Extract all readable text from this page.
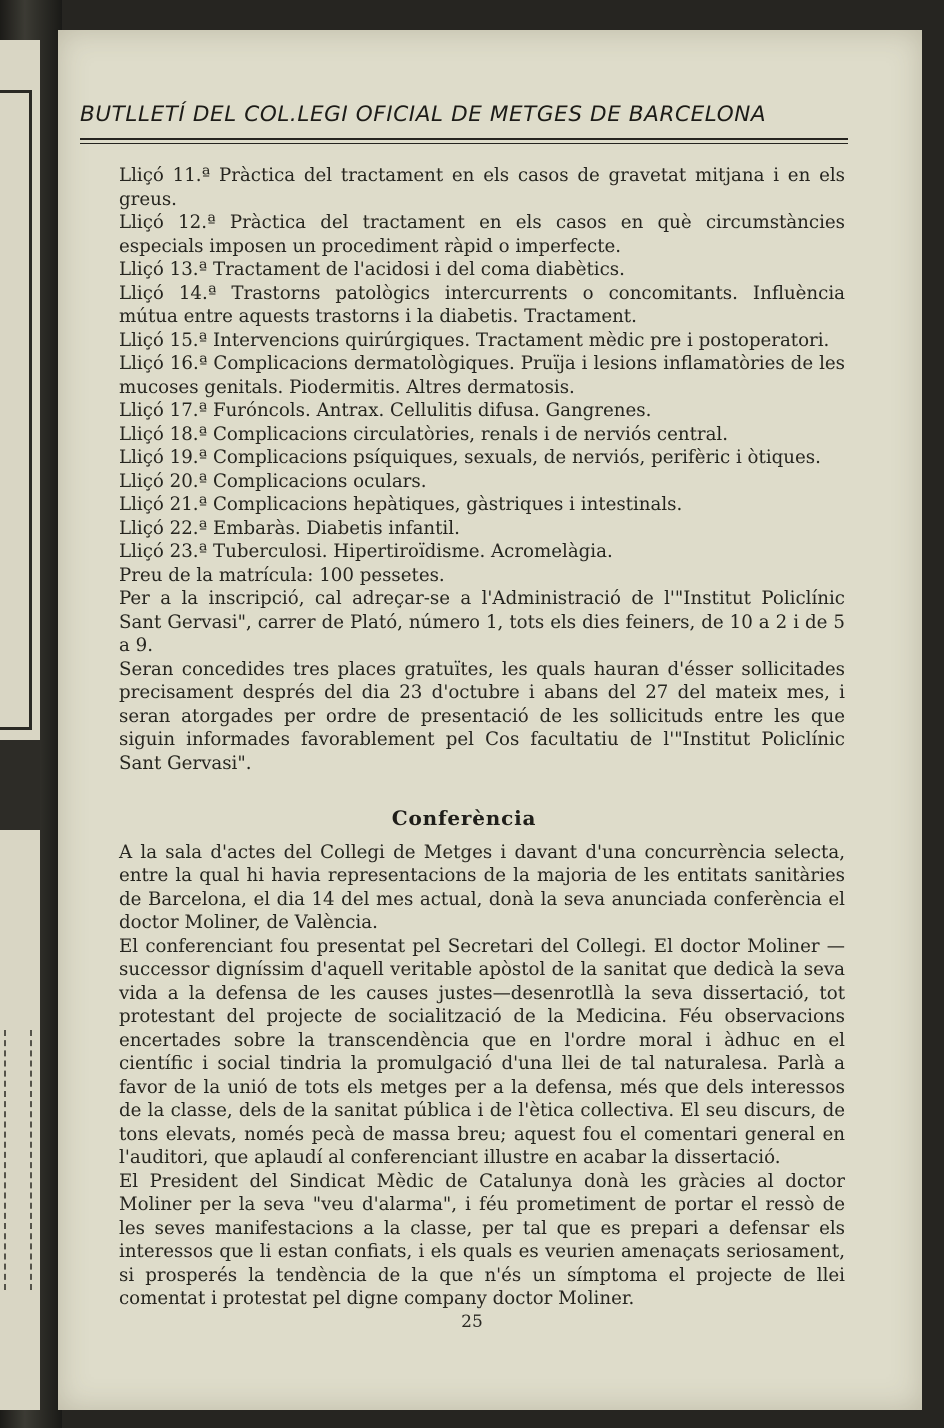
BUTLLETÍ DEL COL.LEGI OFICIAL DE METGES DE BARCELONA

Lliçó 11.ª Pràctica del tractament en els casos de gravetat mitjana i en els greus.

Lliçó 12.ª Pràctica del tractament en els casos en què circumstàncies especials imposen un procediment ràpid o imperfecte.

Lliçó 13.ª Tractament de l'acidosi i del coma diabètics.

Lliçó 14.ª Trastorns patològics intercurrents o concomitants. Influència mútua entre aquests trastorns i la diabetis. Tractament.

Lliçó 15.ª Intervencions quirúrgiques. Tractament mèdic pre i postoperatori.

Lliçó 16.ª Complicacions dermatològiques. Pruïja i lesions inflamatòries de les mucoses genitals. Piodermitis. Altres dermatosis.

Lliçó 17.ª Furóncols. Antrax. Cellulitis difusa. Gangrenes.

Lliçó 18.ª Complicacions circulatòries, renals i de nerviós central.

Lliçó 19.ª Complicacions psíquiques, sexuals, de nerviós, perifèric i òtiques.

Lliçó 20.ª Complicacions oculars.

Lliçó 21.ª Complicacions hepàtiques, gàstriques i intestinals.

Lliçó 22.ª Embaràs. Diabetis infantil.

Lliçó 23.ª Tuberculosi. Hipertiroïdisme. Acromelàgia.

Preu de la matrícula: 100 pessetes.

Per a la inscripció, cal adreçar-se a l'Administració de l'"Institut Policlínic Sant Gervasi", carrer de Plató, número 1, tots els dies feiners, de 10 a 2 i de 5 a 9.

Seran concedides tres places gratuïtes, les quals hauran d'ésser sollicitades precisament després del dia 23 d'octubre i abans del 27 del mateix mes, i seran atorgades per ordre de presentació de les sollicituds entre les que siguin informades favorablement pel Cos facultatiu de l'"Institut Policlínic Sant Gervasi".

Conferència

A la sala d'actes del Collegi de Metges i davant d'una concurrència selecta, entre la qual hi havia representacions de la majoria de les entitats sanitàries de Barcelona, el dia 14 del mes actual, donà la seva anunciada conferència el doctor Moliner, de València.

El conferenciant fou presentat pel Secretari del Collegi. El doctor Moliner —successor digníssim d'aquell veritable apòstol de la sanitat que dedicà la seva vida a la defensa de les causes justes—desenrotllà la seva dissertació, tot protestant del projecte de socialització de la Medicina. Féu observacions encertades sobre la transcendència que en l'ordre moral i àdhuc en el científic i social tindria la promulgació d'una llei de tal naturalesa. Parlà a favor de la unió de tots els metges per a la defensa, més que dels interessos de la classe, dels de la sanitat pública i de l'ètica collectiva. El seu discurs, de tons elevats, només pecà de massa breu; aquest fou el comentari general en l'auditori, que aplaudí al conferenciant illustre en acabar la dissertació.

El President del Sindicat Mèdic de Catalunya donà les gràcies al doctor Moliner per la seva "veu d'alarma", i féu prometiment de portar el ressò de les seves manifestacions a la classe, per tal que es prepari a defensar els interessos que li estan confiats, i els quals es veurien amenaçats seriosament, si prosperés la tendència de la que n'és un símptoma el projecte de llei comentat i protestat pel digne company doctor Moliner.

25
